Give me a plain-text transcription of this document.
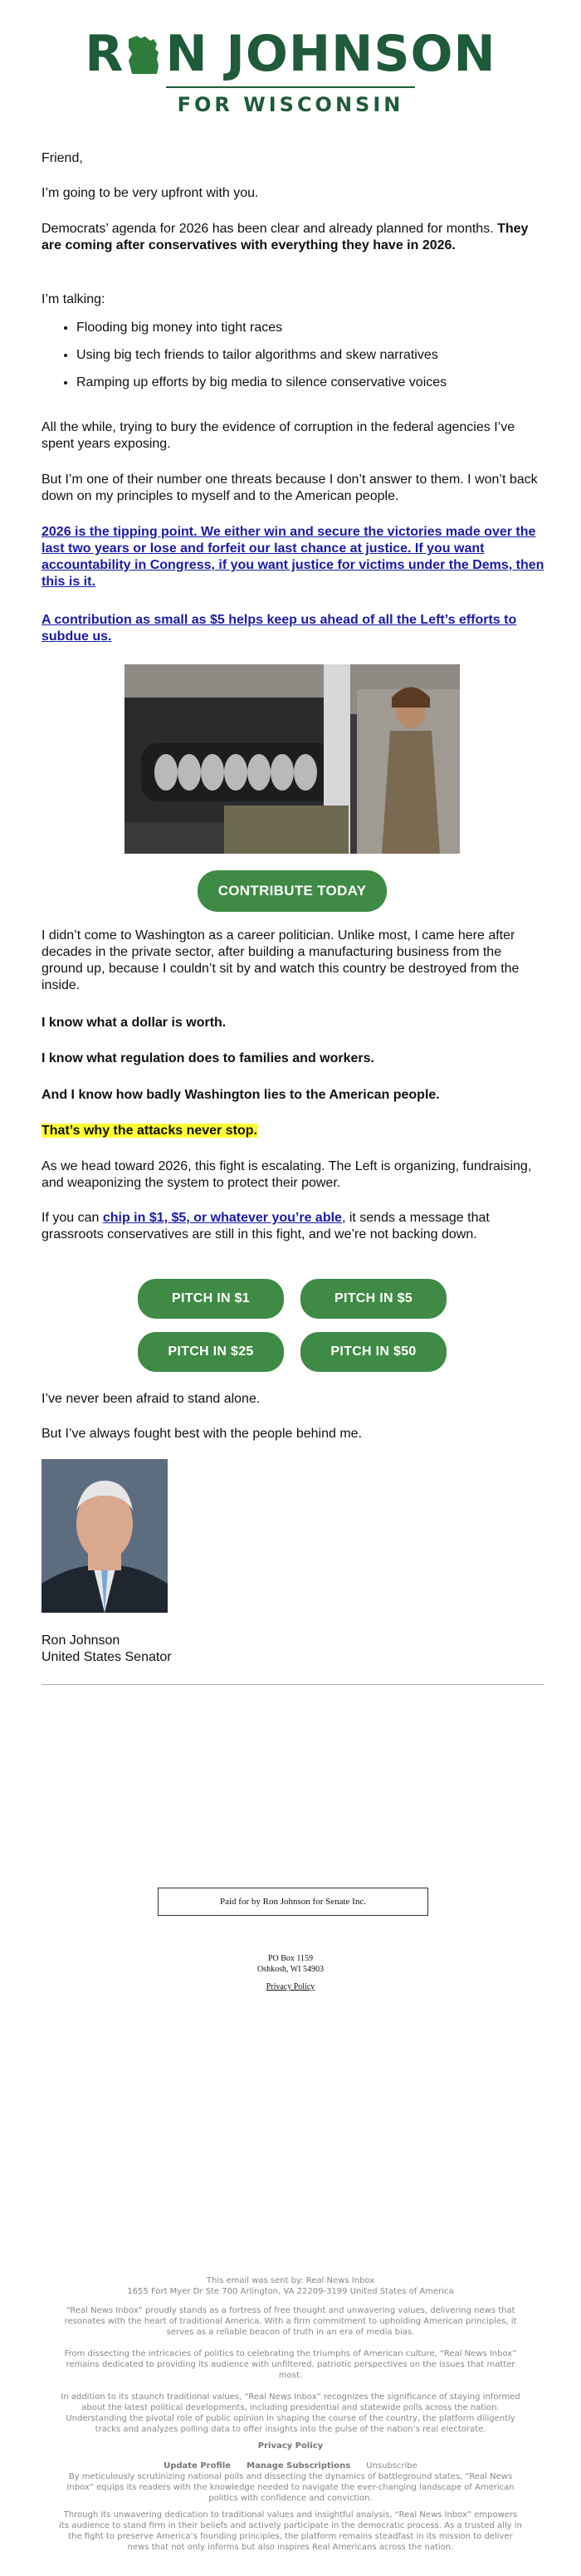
R N JOHNSON
FOR WISCONSIN
Friend,
I’m going to be very upfront with you.
Democrats’ agenda for 2026 has been clear and already planned for months. They are coming after conservatives with everything they have in 2026.
I’m talking:
• Flooding big money into tight races
• Using big tech friends to tailor algorithms and skew narratives
• Ramping up efforts by big media to silence conservative voices
All the while, trying to bury the evidence of corruption in the federal agencies I’ve spent years exposing.
But I’m one of their number one threats because I don’t answer to them. I won’t back down on my principles to myself and to the American people.
2026 is the tipping point. We either win and secure the victories made over the last two years or lose and forfeit our last chance at justice. If you want accountability in Congress, if you want justice for victims under the Dems, then this is it.
A contribution as small as $5 helps keep us ahead of all the Left’s efforts to subdue us.
CONTRIBUTE TODAY
I didn’t come to Washington as a career politician. Unlike most, I came here after decades in the private sector, after building a manufacturing business from the ground up, because I couldn’t sit by and watch this country be destroyed from the inside.
I know what a dollar is worth.
I know what regulation does to families and workers.
And I know how badly Washington lies to the American people.
That’s why the attacks never stop.
As we head toward 2026, this fight is escalating. The Left is organizing, fundraising, and weaponizing the system to protect their power.
If you can chip in $1, $5, or whatever you’re able, it sends a message that grassroots conservatives are still in this fight, and we’re not backing down.
PITCH IN $1	PITCH IN $5
PITCH IN $25	PITCH IN $50
I’ve never been afraid to stand alone.
But I’ve always fought best with the people behind me.
Ron Johnson
United States Senator
Paid for by Ron Johnson for Senate Inc.
PO Box 1159
Oshkosh, WI 54903
Privacy Policy
This email was sent by: Real News Inbox
1655 Fort Myer Dr Ste 700 Arlington, VA 22209-3199 United States of America
“Real News Inbox” proudly stands as a fortress of free thought and unwavering values, delivering news that resonates with the heart of traditional America. With a firm commitment to upholding American principles, it serves as a reliable beacon of truth in an era of media bias.
From dissecting the intricacies of politics to celebrating the triumphs of American culture, “Real News Inbox” remains dedicated to providing its audience with unfiltered, patriotic perspectives on the issues that matter most.
In addition to its staunch traditional values, “Real News Inbox” recognizes the significance of staying informed about the latest political developments, including presidential and statewide polls across the nation. Understanding the pivotal role of public opinion in shaping the course of the country, the platform diligently tracks and analyzes polling data to offer insights into the pulse of the nation’s real electorate.
Privacy Policy
Update Profile Manage Subscriptions Unsubscribe
By meticulously scrutinizing national polls and dissecting the dynamics of battleground states, “Real News Inbox” equips its readers with the knowledge needed to navigate the ever-changing landscape of American politics with confidence and conviction.
Through its unwavering dedication to traditional values and insightful analysis, “Real News Inbox” empowers its audience to stand firm in their beliefs and actively participate in the democratic process. As a trusted ally in the fight to preserve America’s founding principles, the platform remains steadfast in its mission to deliver news that not only informs but also inspires Real Americans across the nation.
